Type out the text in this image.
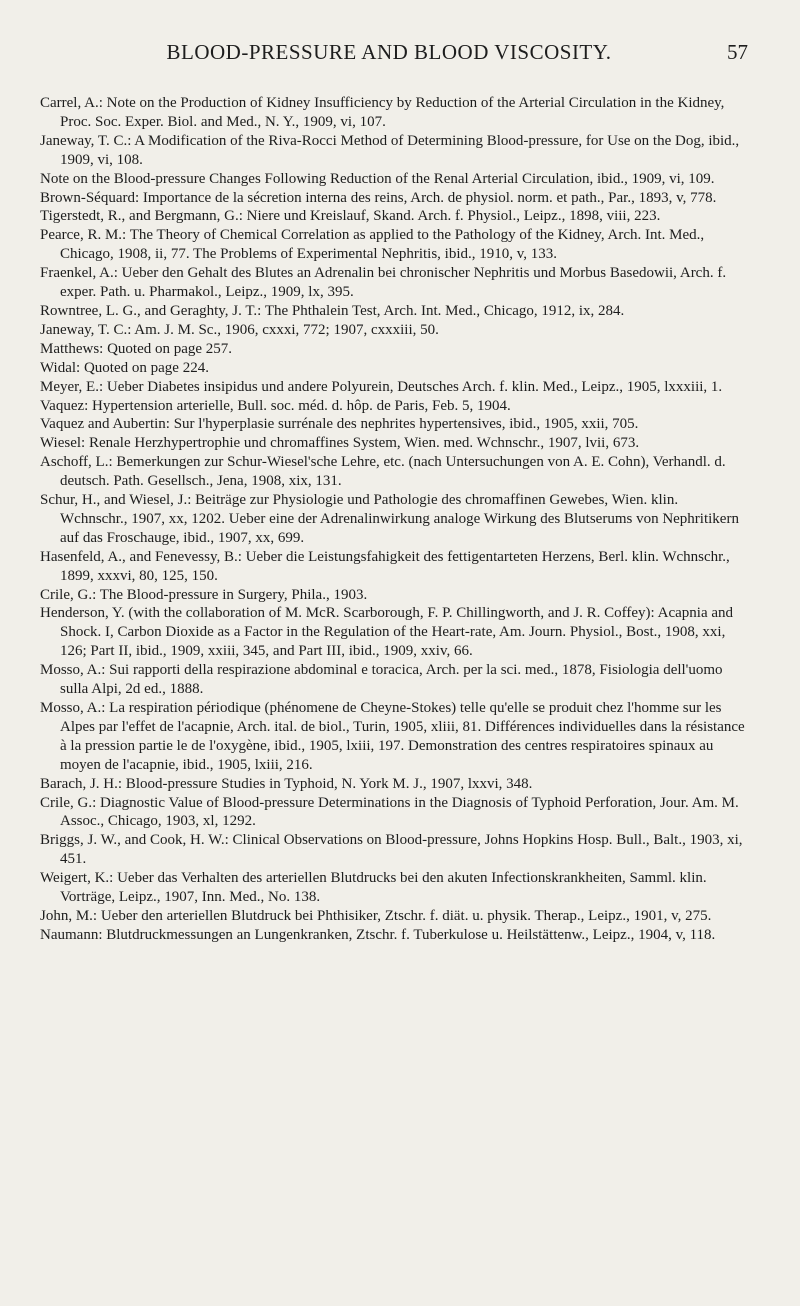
BLOOD-PRESSURE AND BLOOD VISCOSITY.	57
Carrel, A.: Note on the Production of Kidney Insufficiency by Reduction of the Arterial Circulation in the Kidney, Proc. Soc. Exper. Biol. and Med., N. Y., 1909, vi, 107.
Janeway, T. C.: A Modification of the Riva-Rocci Method of Determining Blood-pressure, for Use on the Dog, ibid., 1909, vi, 108.
Note on the Blood-pressure Changes Following Reduction of the Renal Arterial Circulation, ibid., 1909, vi, 109.
Brown-Séquard: Importance de la sécretion interna des reins, Arch. de physiol. norm. et path., Par., 1893, v, 778.
Tigerstedt, R., and Bergmann, G.: Niere und Kreislauf, Skand. Arch. f. Physiol., Leipz., 1898, viii, 223.
Pearce, R. M.: The Theory of Chemical Correlation as applied to the Pathology of the Kidney, Arch. Int. Med., Chicago, 1908, ii, 77. The Problems of Experimental Nephritis, ibid., 1910, v, 133.
Fraenkel, A.: Ueber den Gehalt des Blutes an Adrenalin bei chronischer Nephritis und Morbus Basedowii, Arch. f. exper. Path. u. Pharmakol., Leipz., 1909, lx, 395.
Rowntree, L. G., and Geraghty, J. T.: The Phthalein Test, Arch. Int. Med., Chicago, 1912, ix, 284.
Janeway, T. C.: Am. J. M. Sc., 1906, cxxxi, 772; 1907, cxxxiii, 50.
Matthews: Quoted on page 257.
Widal: Quoted on page 224.
Meyer, E.: Ueber Diabetes insipidus und andere Polyurein, Deutsches Arch. f. klin. Med., Leipz., 1905, lxxxiii, 1.
Vaquez: Hypertension arterielle, Bull. soc. méd. d. hôp. de Paris, Feb. 5, 1904.
Vaquez and Aubertin: Sur l'hyperplasie surrénale des nephrites hypertensives, ibid., 1905, xxii, 705.
Wiesel: Renale Herzhypertrophie und chromaffines System, Wien. med. Wchnschr., 1907, lvii, 673.
Aschoff, L.: Bemerkungen zur Schur-Wiesel'sche Lehre, etc. (nach Untersuchungen von A. E. Cohn), Verhandl. d. deutsch. Path. Gesellsch., Jena, 1908, xix, 131.
Schur, H., and Wiesel, J.: Beiträge zur Physiologie und Pathologie des chromaffinen Gewebes, Wien. klin. Wchnschr., 1907, xx, 1202. Ueber eine der Adrenalinwirkung analoge Wirkung des Blutserums von Nephritikern auf das Froschauge, ibid., 1907, xx, 699.
Hasenfeld, A., and Fenevessy, B.: Ueber die Leistungsfahigkeit des fettigentarteten Herzens, Berl. klin. Wchnschr., 1899, xxxvi, 80, 125, 150.
Crile, G.: The Blood-pressure in Surgery, Phila., 1903.
Henderson, Y. (with the collaboration of M. McR. Scarborough, F. P. Chillingworth, and J. R. Coffey): Acapnia and Shock. I, Carbon Dioxide as a Factor in the Regulation of the Heart-rate, Am. Journ. Physiol., Bost., 1908, xxi, 126; Part II, ibid., 1909, xxiii, 345, and Part III, ibid., 1909, xxiv, 66.
Mosso, A.: Sui rapporti della respirazione abdominal e toracica, Arch. per la sci. med., 1878, Fisiologia dell'uomo sulla Alpi, 2d ed., 1888.
Mosso, A.: La respiration périodique (phénomene de Cheyne-Stokes) telle qu'elle se produit chez l'homme sur les Alpes par l'effet de l'acapnie, Arch. ital. de biol., Turin, 1905, xliii, 81. Différences individuelles dans la résistance à la pression partie le de l'oxygène, ibid., 1905, lxiii, 197. Demonstration des centres respiratoires spinaux au moyen de l'acapnie, ibid., 1905, lxiii, 216.
Barach, J. H.: Blood-pressure Studies in Typhoid, N. York M. J., 1907, lxxvi, 348.
Crile, G.: Diagnostic Value of Blood-pressure Determinations in the Diagnosis of Typhoid Perforation, Jour. Am. M. Assoc., Chicago, 1903, xl, 1292.
Briggs, J. W., and Cook, H. W.: Clinical Observations on Blood-pressure, Johns Hopkins Hosp. Bull., Balt., 1903, xi, 451.
Weigert, K.: Ueber das Verhalten des arteriellen Blutdrucks bei den akuten Infectionskrankheiten, Samml. klin. Vorträge, Leipz., 1907, Inn. Med., No. 138.
John, M.: Ueber den arteriellen Blutdruck bei Phthisiker, Ztschr. f. diät. u. physik. Therap., Leipz., 1901, v, 275.
Naumann: Blutdruckmessungen an Lungenkranken, Ztschr. f. Tuberkulose u. Heilstättenw., Leipz., 1904, v, 118.
